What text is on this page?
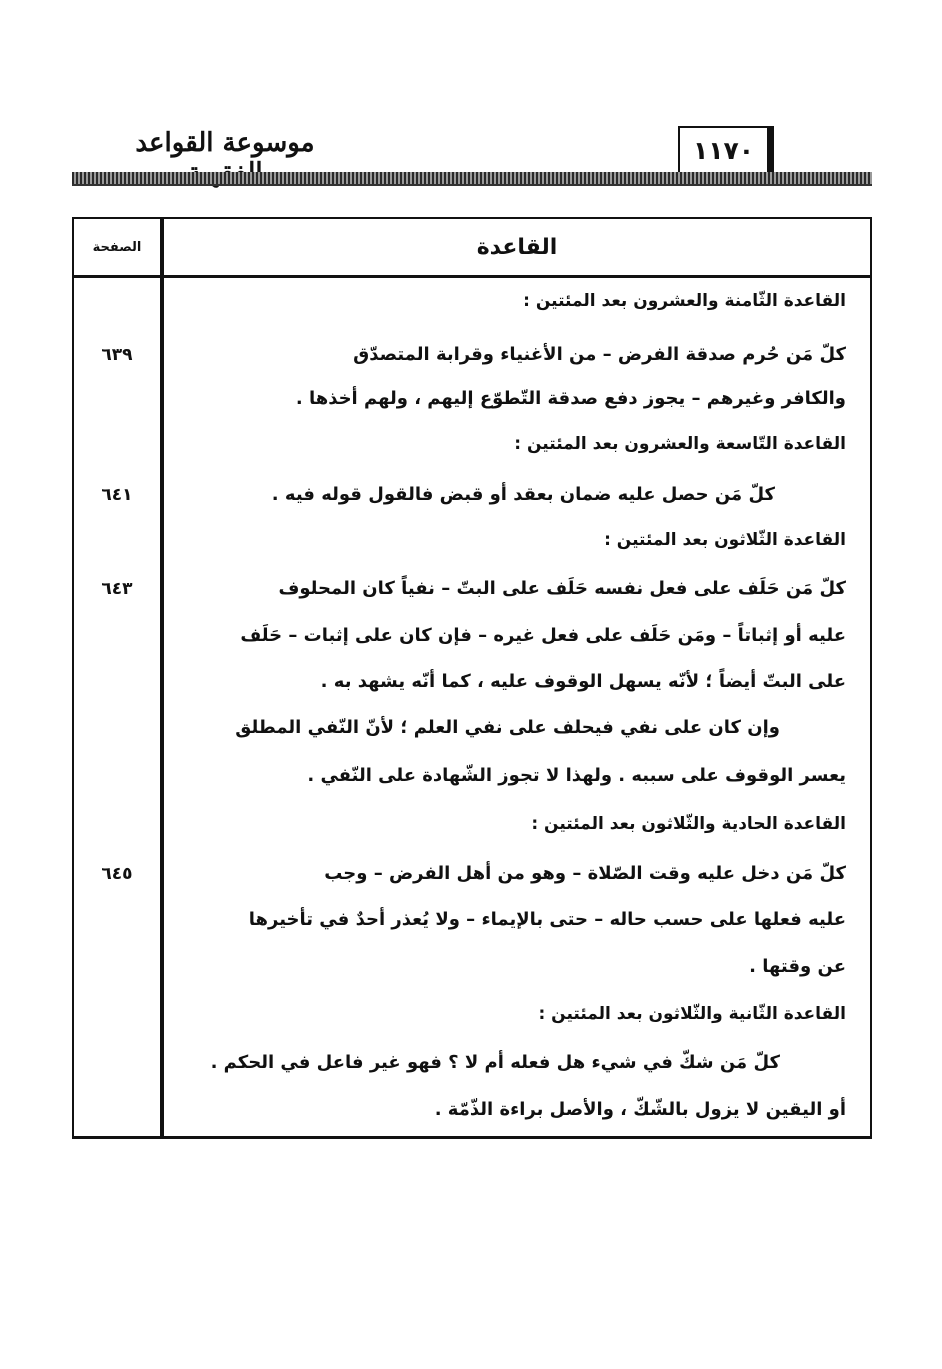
موسوعة القواعد	١١٧٠
القاعدة
الصفحة
القاعدة الثّامنة والعشرون بعد المئتين :
كلّ مَن حُرم صدقة الفرض – من الأغنياء وقرابة المتصدّق
والكافر وغيرهم – يجوز دفع صدقة التّطوّع إليهم ، ولهم أخذها .
القاعدة التّاسعة والعشرون بعد المئتين :
كلّ مَن حصل عليه ضمان بعقد أو قبض فالقول قوله فيه .
القاعدة الثّلاثون بعد المئتين :
كلّ مَن حَلَف على فعل نفسه حَلَف على البتّ – نفياً كان المحلوف
عليه أو إثباتاً – ومَن حَلَف على فعل غيره – فإن كان على إثبات – حَلَف
على البتّ أيضاً ؛ لأنّه يسهل الوقوف عليه ، كما أنّه يشهد به .
وإن كان على نفي فيحلف على نفي العلم ؛ لأنّ النّفي المطلق
يعسر الوقوف على سببه . ولهذا لا تجوز الشّهادة على النّفي .
القاعدة الحادية والثّلاثون بعد المئتين :
كلّ مَن دخل عليه وقت الصّلاة – وهو من أهل الفرض – وجب
عليه فعلها على حسب حاله – حتى بالإيماء – ولا يُعذر أحدٌ في تأخيرها
عن وقتها .
القاعدة الثّانية والثّلاثون بعد المئتين :
كلّ مَن شكّ في شيء هل فعله أم لا ؟ فهو غير فاعل في الحكم .
أو اليقين لا يزول بالشّكّ ، والأصل براءة الذّمّة .
٦٣٩
٦٤١
٦٤٣
٦٤٥
